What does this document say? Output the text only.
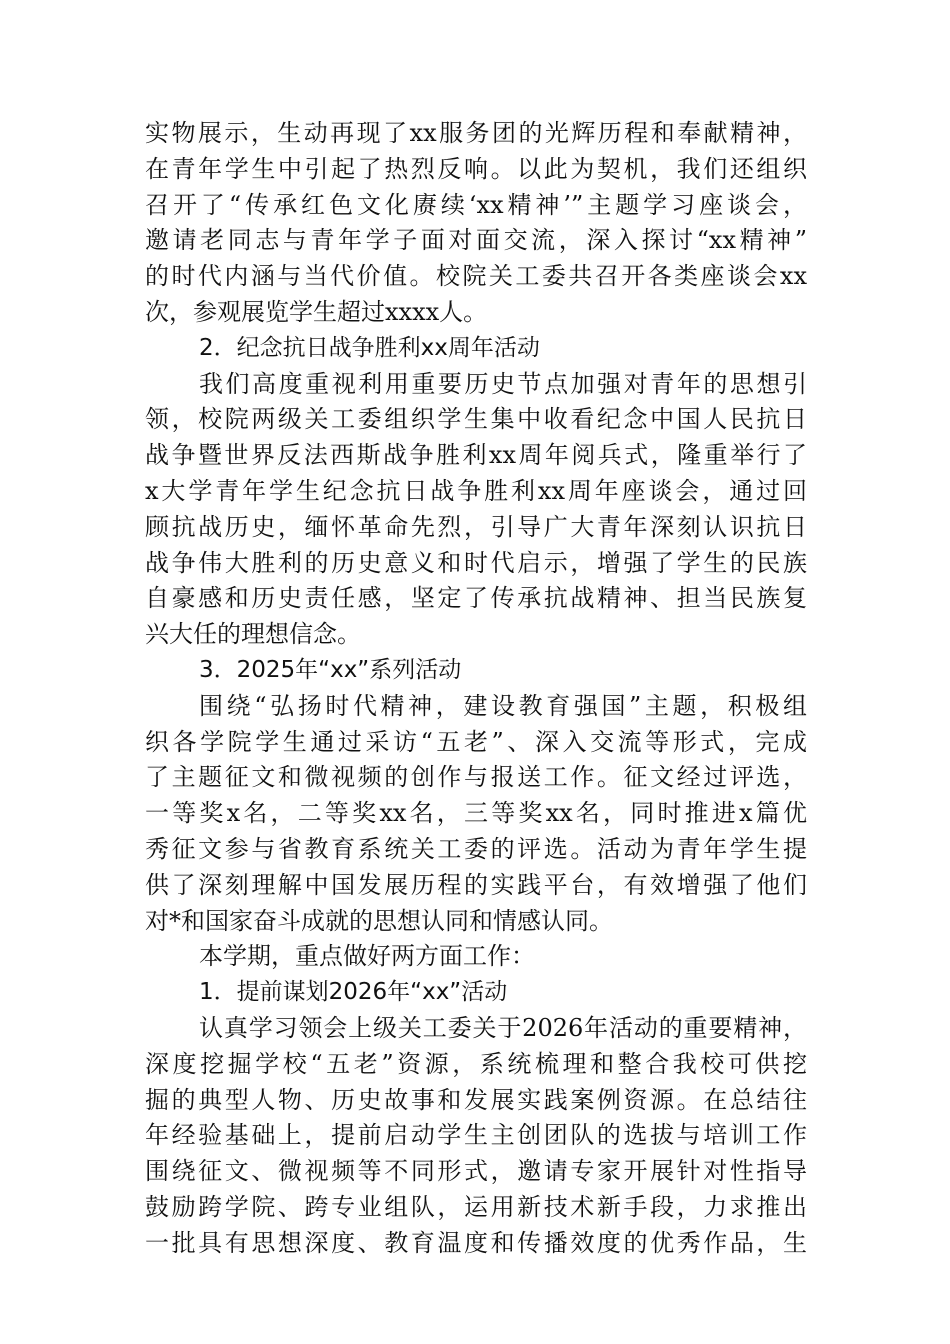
实物展示，生动再现了xx服务团的光辉历程和奉献精神，
在青年学生中引起了热烈反响。以此为契机，我们还组织
召开了“传承红色文化赓续‘xx精神’”主题学习座谈会，
邀请老同志与青年学子面对面交流，深入探讨“xx精神”
的时代内涵与当代价值。校院关工委共召开各类座谈会xx
次，参观展览学生超过xxxx人。
2．纪念抗日战争胜利xx周年活动
我们高度重视利用重要历史节点加强对青年的思想引
领，校院两级关工委组织学生集中收看纪念中国人民抗日
战争暨世界反法西斯战争胜利xx周年阅兵式，隆重举行了
x大学青年学生纪念抗日战争胜利xx周年座谈会，通过回
顾抗战历史，缅怀革命先烈，引导广大青年深刻认识抗日
战争伟大胜利的历史意义和时代启示，增强了学生的民族
自豪感和历史责任感，坚定了传承抗战精神、担当民族复
兴大任的理想信念。
3．2025年“xx”系列活动
围绕“弘扬时代精神，建设教育强国”主题，积极组
织各学院学生通过采访“五老”、深入交流等形式，完成
了主题征文和微视频的创作与报送工作。征文经过评选，
一等奖x名，二等奖xx名，三等奖xx名，同时推进x篇优
秀征文参与省教育系统关工委的评选。活动为青年学生提
供了深刻理解中国发展历程的实践平台，有效增强了他们
对*和国家奋斗成就的思想认同和情感认同。
本学期，重点做好两方面工作：
1．提前谋划2026年“xx”活动
认真学习领会上级关工委关于2026年活动的重要精神，
深度挖掘学校“五老”资源，系统梳理和整合我校可供挖
掘的典型人物、历史故事和发展实践案例资源。在总结往
年经验基础上，提前启动学生主创团队的选拔与培训工作
围绕征文、微视频等不同形式，邀请专家开展针对性指导
鼓励跨学院、跨专业组队，运用新技术新手段，力求推出
一批具有思想深度、教育温度和传播效度的优秀作品，生
